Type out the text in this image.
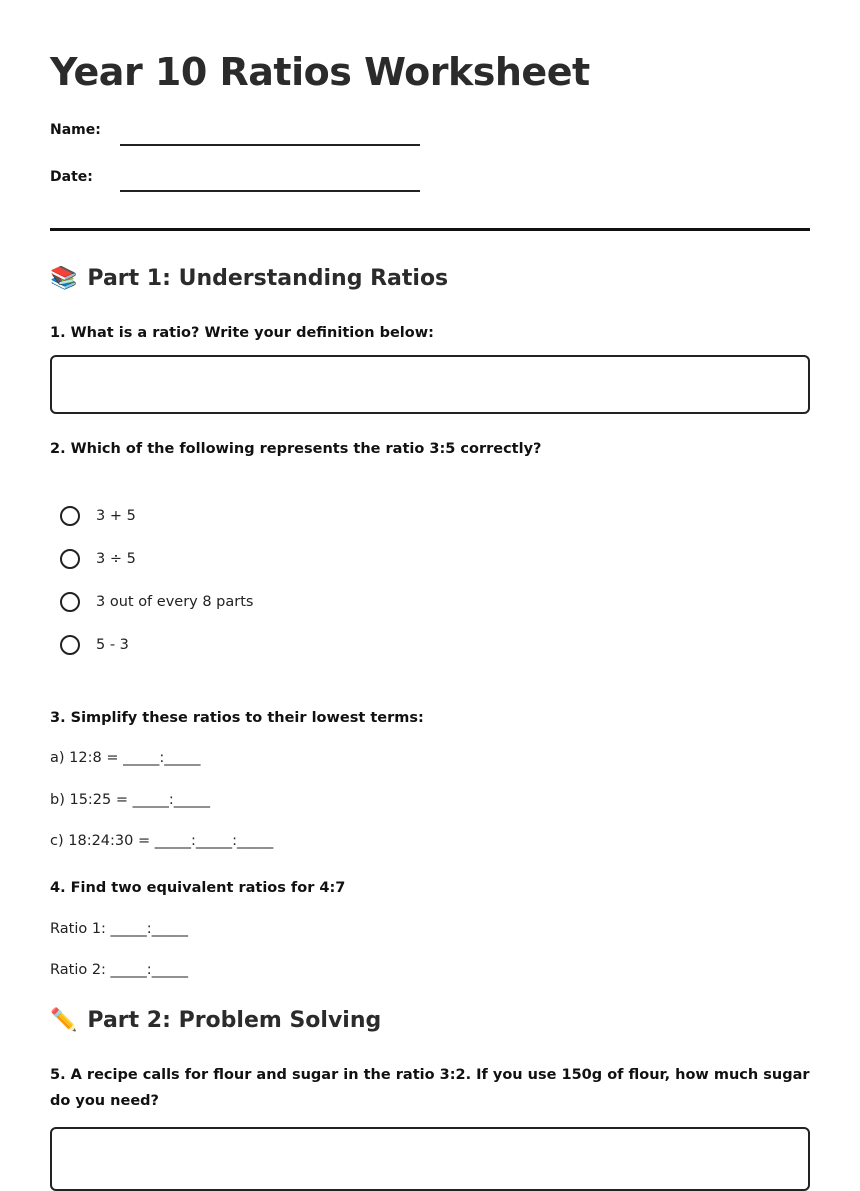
Year 10 Ratios Worksheet
Name:
Date:
📚 Part 1: Understanding Ratios

1. What is a ratio? Write your definition below:

2. Which of the following represents the ratio 3:5 correctly?

3 + 5
3 ÷ 5
3 out of every 8 parts
5 - 3

3. Simplify these ratios to their lowest terms:

a) 12:8 = _____:_____
b) 15:25 = _____:_____
c) 18:24:30 = _____:_____:_____

4. Find two equivalent ratios for 4:7

Ratio 1: _____:_____
Ratio 2: _____:_____
✏️ Part 2: Problem Solving

5. A recipe calls for flour and sugar in the ratio 3:2. If you use 150g of flour, how much sugar do you need?
